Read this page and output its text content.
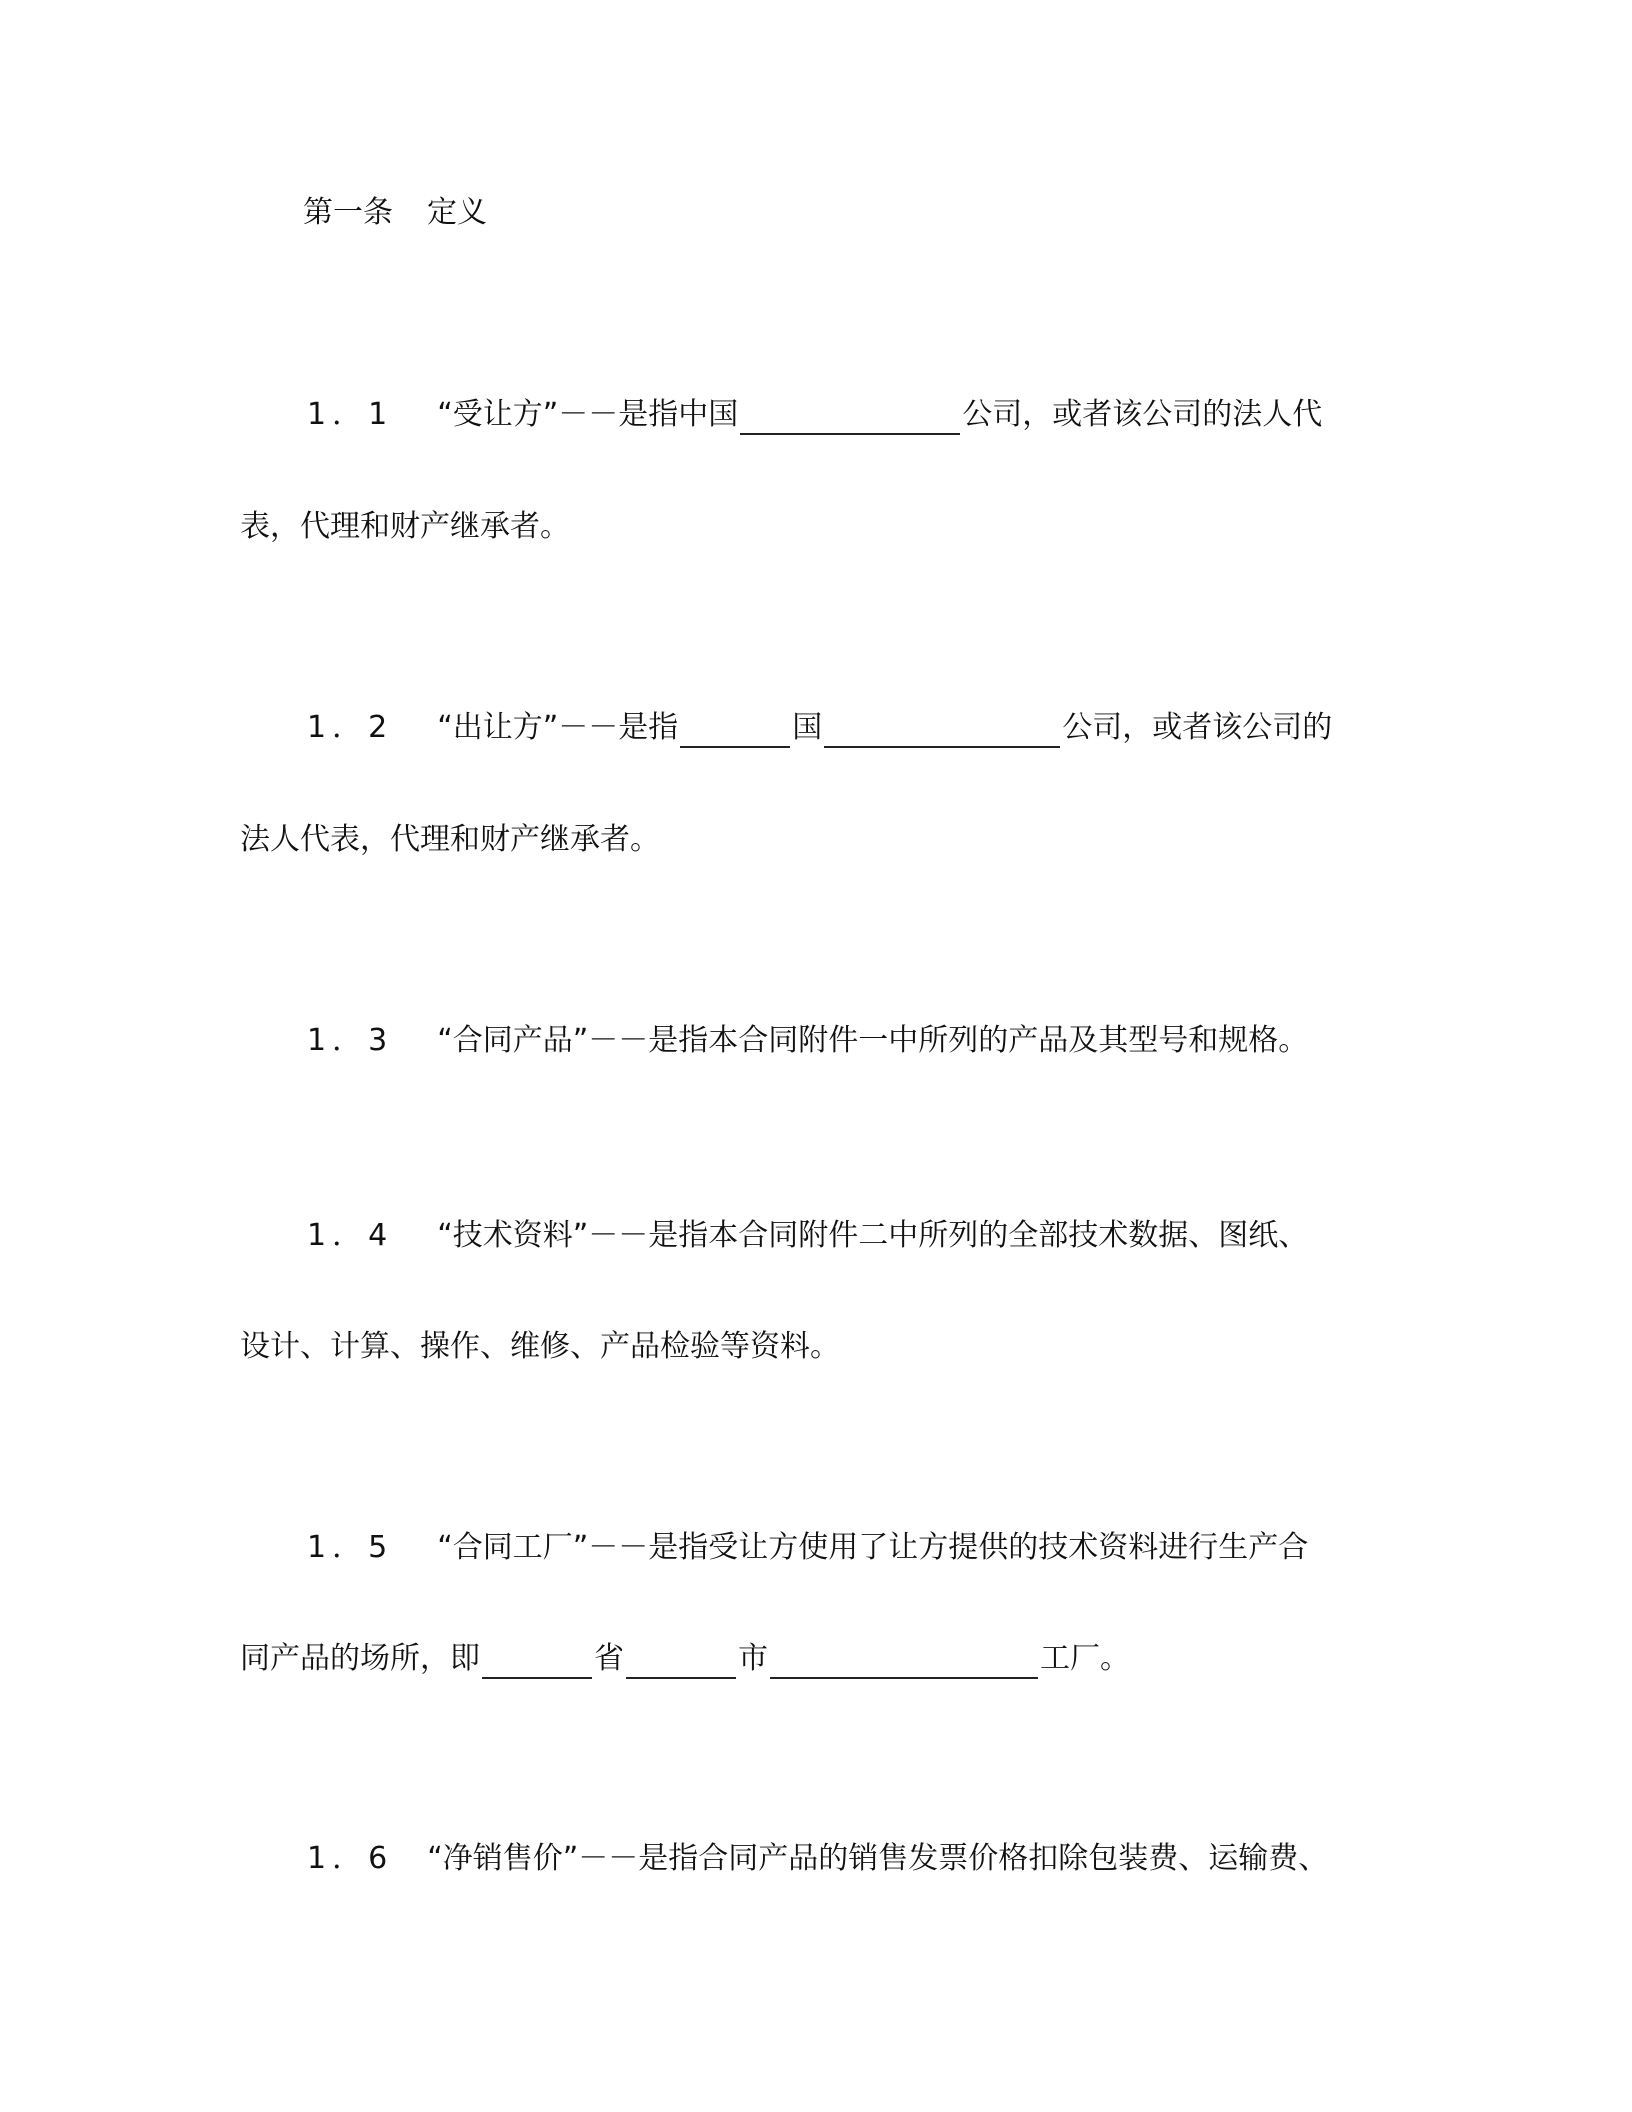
第一条 定义
1．1 “受让方”－－是指中国	公司，或者该公司的法人代
表，代理和财产继承者。
1．2 “出让方”－－是指	国	公司，或者该公司的
法人代表，代理和财产继承者。
1．3 “合同产品”－－是指本合同附件一中所列的产品及其型号和规格。
1．4 “技术资料”－－是指本合同附件二中所列的全部技术数据、图纸、
设计、计算、操作、维修、产品检验等资料。
1．5 “合同工厂”－－是指受让方使用了让方提供的技术资料进行生产合
同产品的场所，即	省	市	工厂。
1．6 “净销售价”－－是指合同产品的销售发票价格扣除包装费、运输费、
